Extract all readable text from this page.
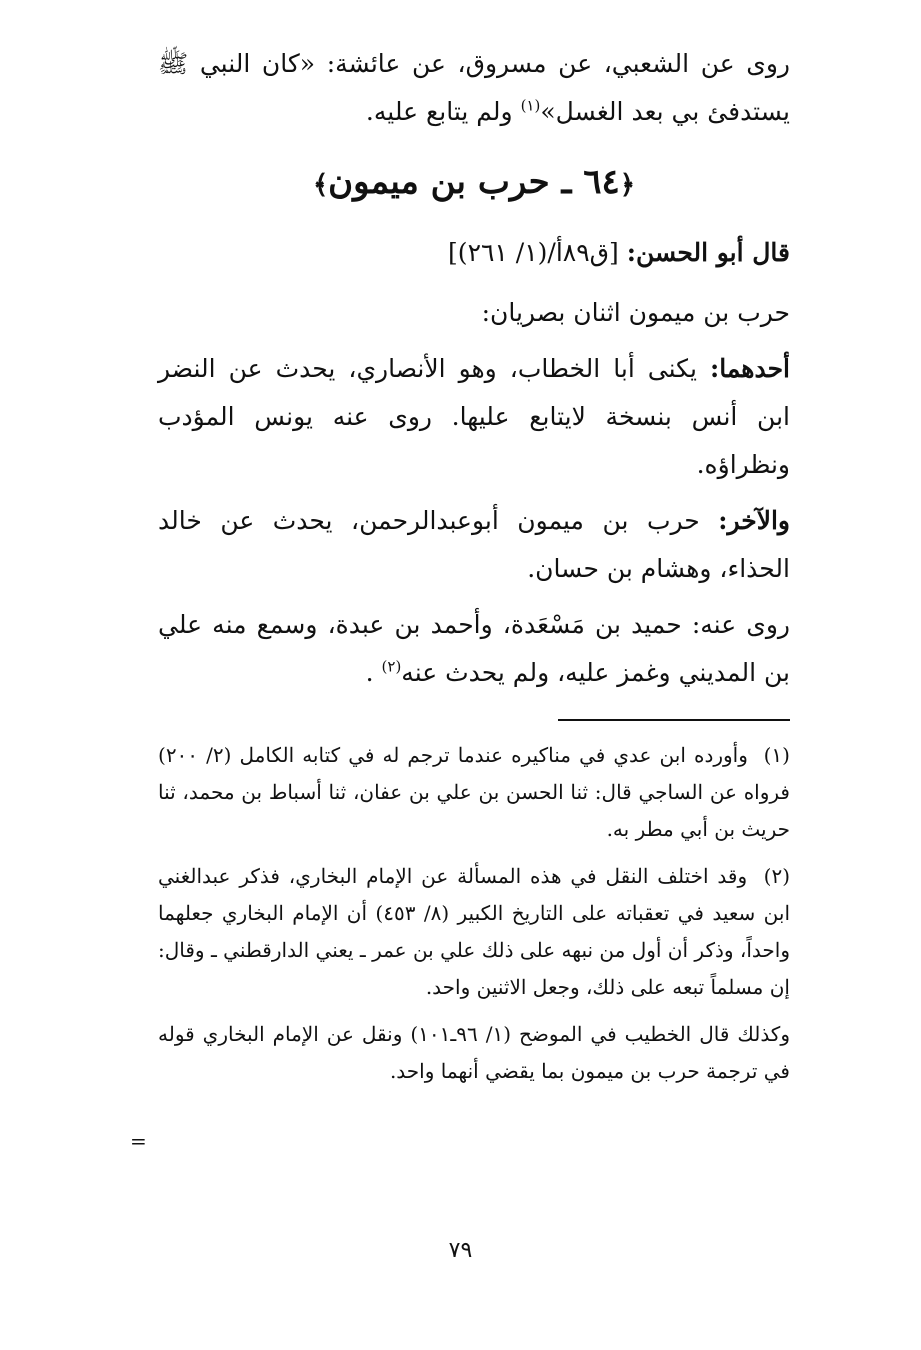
روى عن الشعبي، عن مسروق، عن عائشة: «كان النبي ﷺ يستدفئ بي بعد الغسل»$^{(١)}$ ولم يتابع عليه.

﴿٦٤ ـ حرب بن ميمون﴾

قال أبو الحسن: [ق٨٩أ/(١/ ٢٦١)]

حرب بن ميمون اثنان بصريان:

أحدهما: يكنى أبا الخطاب، وهو الأنصاري، يحدث عن النضر ابن أنس بنسخة لايتابع عليها. روى عنه يونس المؤدب ونظراؤه.

والآخر: حرب بن ميمون أبوعبدالرحمن، يحدث عن خالد الحذاء، وهشام بن حسان.

روى عنه: حميد بن مَسْعَدة، وأحمد بن عبدة، وسمع منه علي بن المديني وغمز عليه، ولم يحدث عنه$^{(٢)}$ .

(١) وأورده ابن عدي في مناكيره عندما ترجم له في كتابه الكامل (٢/ ٢٠٠) فرواه عن الساجي قال: ثنا الحسن بن علي بن عفان، ثنا أسباط بن محمد، ثنا حريث بن أبي مطر به.

(٢) وقد اختلف النقل في هذه المسألة عن الإمام البخاري، فذكر عبدالغني ابن سعيد في تعقباته على التاريخ الكبير (٨/ ٤٥٣) أن الإمام البخاري جعلهما واحداً، وذكر أن أول من نبهه على ذلك علي بن عمر ـ يعني الدارقطني ـ وقال: إن مسلماً تبعه على ذلك، وجعل الاثنين واحد.

وكذلك قال الخطيب في الموضح (١/ ٩٦ـ١٠١) ونقل عن الإمام البخاري قوله في ترجمة حرب بن ميمون بما يقضي أنهما واحد.

=
٧٩
